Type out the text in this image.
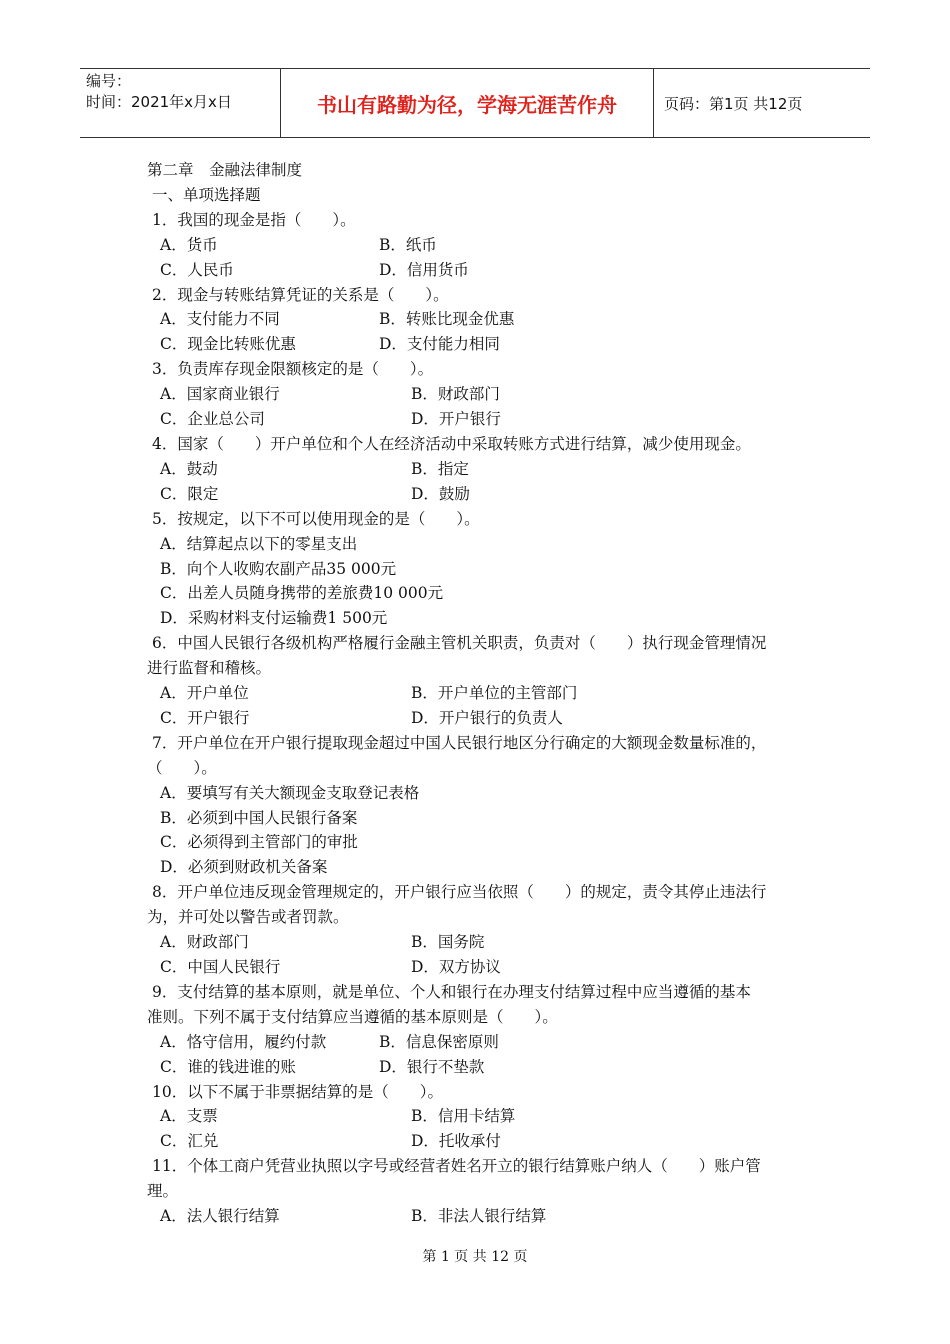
编号：
时间：2021年x月x日	书山有路勤为径，学海无涯苦作舟	页码：第1页 共12页
第二章　金融法律制度
一、单项选择题
1．我国的现金是指（　　）。
A．货币	B．纸币
C．人民币	D．信用货币
2．现金与转账结算凭证的关系是（　　）。
A．支付能力不同	B．转账比现金优惠
C．现金比转账优惠	D．支付能力相同
3．负责库存现金限额核定的是（　　）。
A．国家商业银行	B．财政部门
C．企业总公司	D．开户银行
4．国家（　　）开户单位和个人在经济活动中采取转账方式进行结算，减少使用现金。
A．鼓动	B．指定
C．限定	D．鼓励
5．按规定，以下不可以使用现金的是（　　）。
A．结算起点以下的零星支出
B．向个人收购农副产品35 000元
C．出差人员随身携带的差旅费10 000元
D．采购材料支付运输费1 500元
6．中国人民银行各级机构严格履行金融主管机关职责，负责对（　　）执行现金管理情况
进行监督和稽核。
A．开户单位	B．开户单位的主管部门
C．开户银行	D．开户银行的负责人
7．开户单位在开户银行提取现金超过中国人民银行地区分行确定的大额现金数量标准的，
（　　）。
A．要填写有关大额现金支取登记表格
B．必须到中国人民银行备案
C．必须得到主管部门的审批
D．必须到财政机关备案
8．开户单位违反现金管理规定的，开户银行应当依照（　　）的规定，责令其停止违法行
为，并可处以警告或者罚款。
A．财政部门	B．国务院
C．中国人民银行	D．双方协议
9．支付结算的基本原则，就是单位、个人和银行在办理支付结算过程中应当遵循的基本
准则。下列不属于支付结算应当遵循的基本原则是（　　）。
A．恪守信用，履约付款	B．信息保密原则
C．谁的钱进谁的账	D．银行不垫款
10．以下不属于非票据结算的是（　　）。
A．支票	B．信用卡结算
C．汇兑	D．托收承付
11．个体工商户凭营业执照以字号或经营者姓名开立的银行结算账户纳人（　　）账户管
理。
A．法人银行结算	B．非法人银行结算
第 1 页 共 12 页
